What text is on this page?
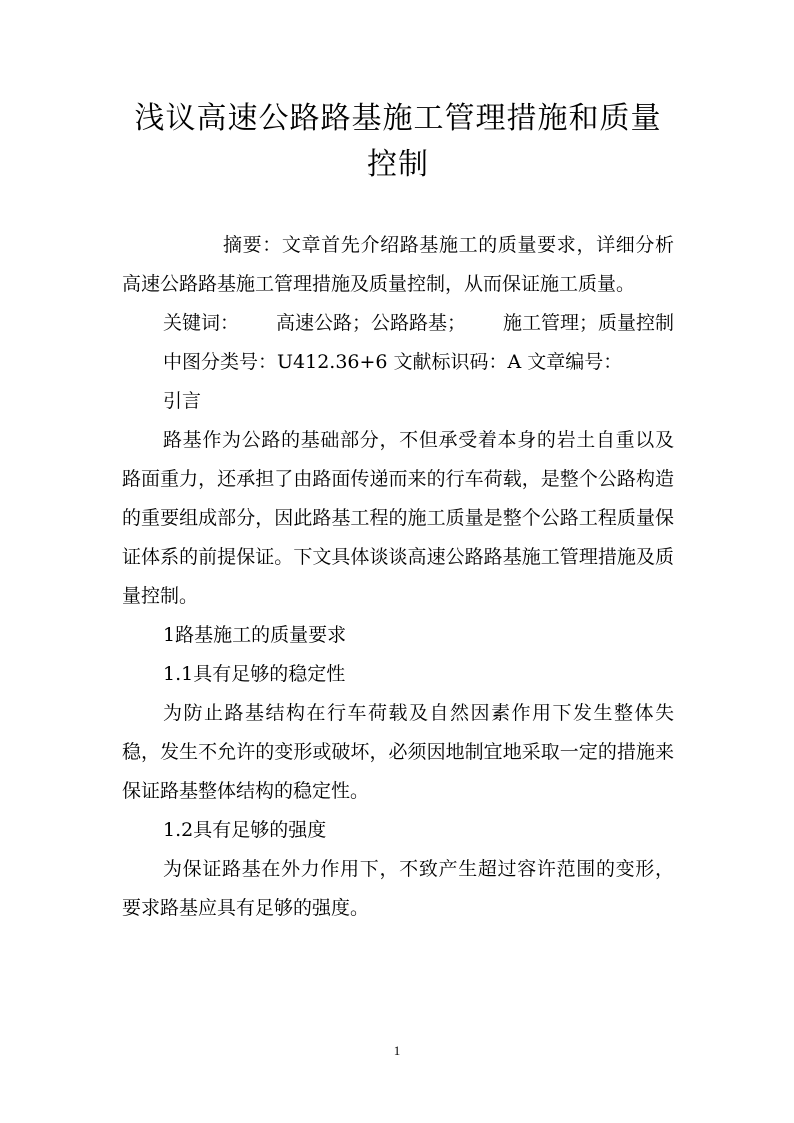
浅议高速公路路基施工管理措施和质量控制

摘要：文章首先介绍路基施工的质量要求，详细分析高速公路路基施工管理措施及质量控制，从而保证施工质量。

关键词： 高速公路；公路路基； 施工管理；质量控制

中图分类号：U412.36+6 文献标识码：A 文章编号：

引言

路基作为公路的基础部分，不但承受着本身的岩土自重以及路面重力，还承担了由路面传递而来的行车荷载，是整个公路构造的重要组成部分，因此路基工程的施工质量是整个公路工程质量保证体系的前提保证。下文具体谈谈高速公路路基施工管理措施及质量控制。

1路基施工的质量要求

1.1具有足够的稳定性

为防止路基结构在行车荷载及自然因素作用下发生整体失稳，发生不允许的变形或破坏，必须因地制宜地采取一定的措施来保证路基整体结构的稳定性。

1.2具有足够的强度

为保证路基在外力作用下，不致产生超过容许范围的变形，要求路基应具有足够的强度。

1
